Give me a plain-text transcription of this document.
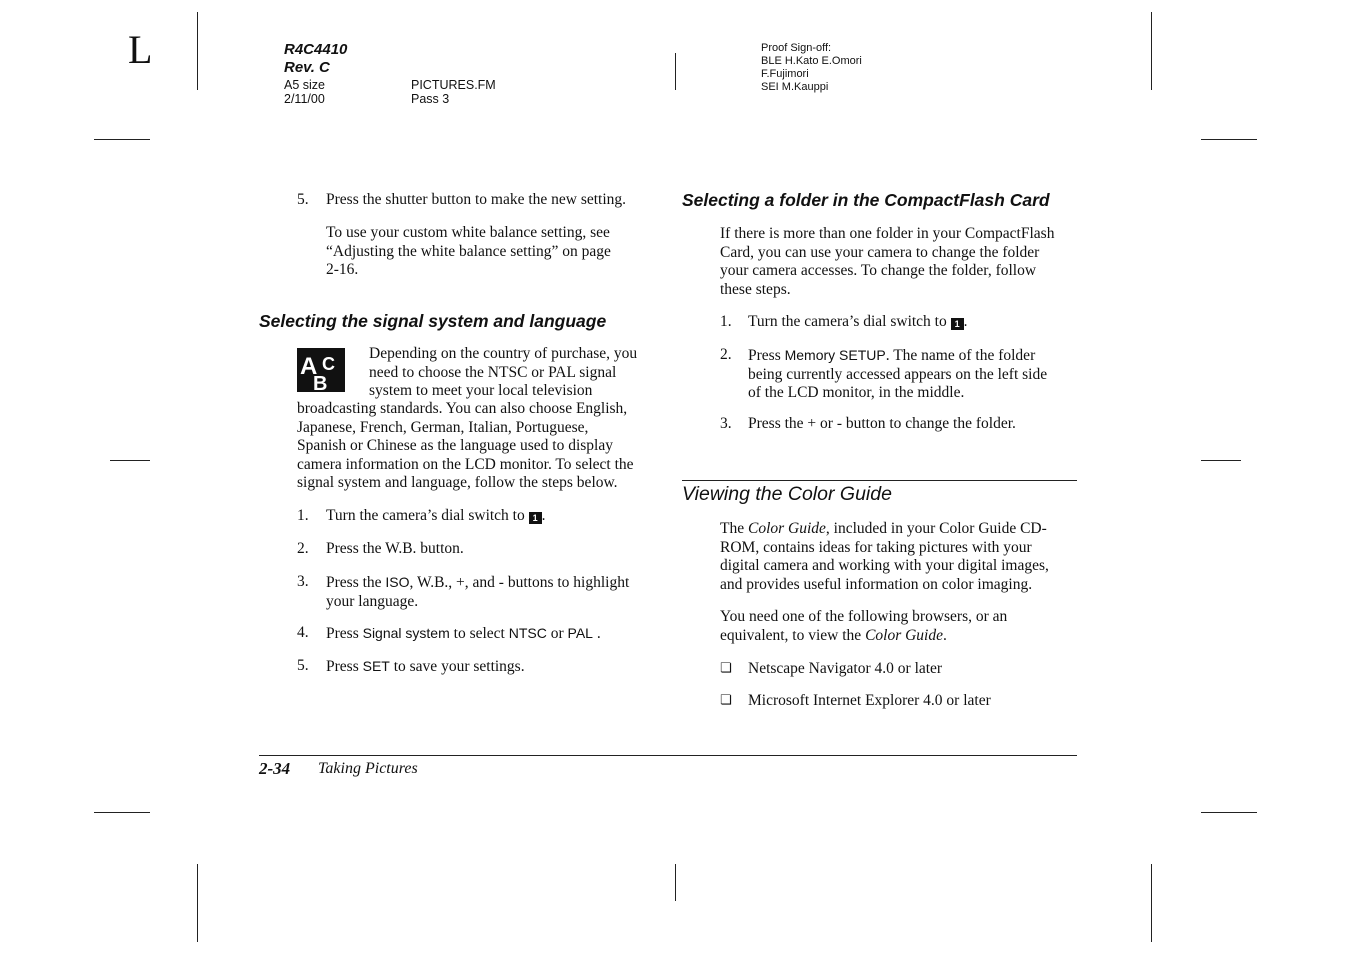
L	R4C4410
Rev. C
A5 size
2/11/00
PICTURES.FM
Pass 3
Proof Sign-off:
BLE H.Kato E.Omori
F.Fujimori
SEI M.Kauppi
5. Press the shutter button to make the new setting.
To use your custom white balance setting, see
“Adjusting the white balance setting” on page
2-16.
Selecting the signal system and language
A C
B
Depending on the country of purchase, you
need to choose the NTSC or PAL signal
system to meet your local television
broadcasting standards. You can also choose English,
Japanese, French, German, Italian, Portuguese,
Spanish or Chinese as the language used to display
camera information on the LCD monitor. To select the
signal system and language, follow the steps below.
1. Turn the camera’s dial switch to 1 .
2. Press the W.B. button.
3. Press the ISO, W.B., +, and - buttons to highlight
your language.
4. Press Signal system to select NTSC or PAL .
5. Press SET to save your settings.
Selecting a folder in the CompactFlash Card
If there is more than one folder in your CompactFlash
Card, you can use your camera to change the folder
your camera accesses. To change the folder, follow
these steps.
1. Turn the camera’s dial switch to 1 .
2. Press Memory SETUP. The name of the folder
being currently accessed appears on the left side
of the LCD monitor, in the middle.
3. Press the + or - button to change the folder.
Viewing the Color Guide
The Color Guide, included in your Color Guide CD-
ROM, contains ideas for taking pictures with your
digital camera and working with your digital images,
and provides useful information on color imaging.
You need one of the following browsers, or an
equivalent, to view the Color Guide.
❏ Netscape Navigator 4.0 or later
❏ Microsoft Internet Explorer 4.0 or later
2-34 Taking Pictures
